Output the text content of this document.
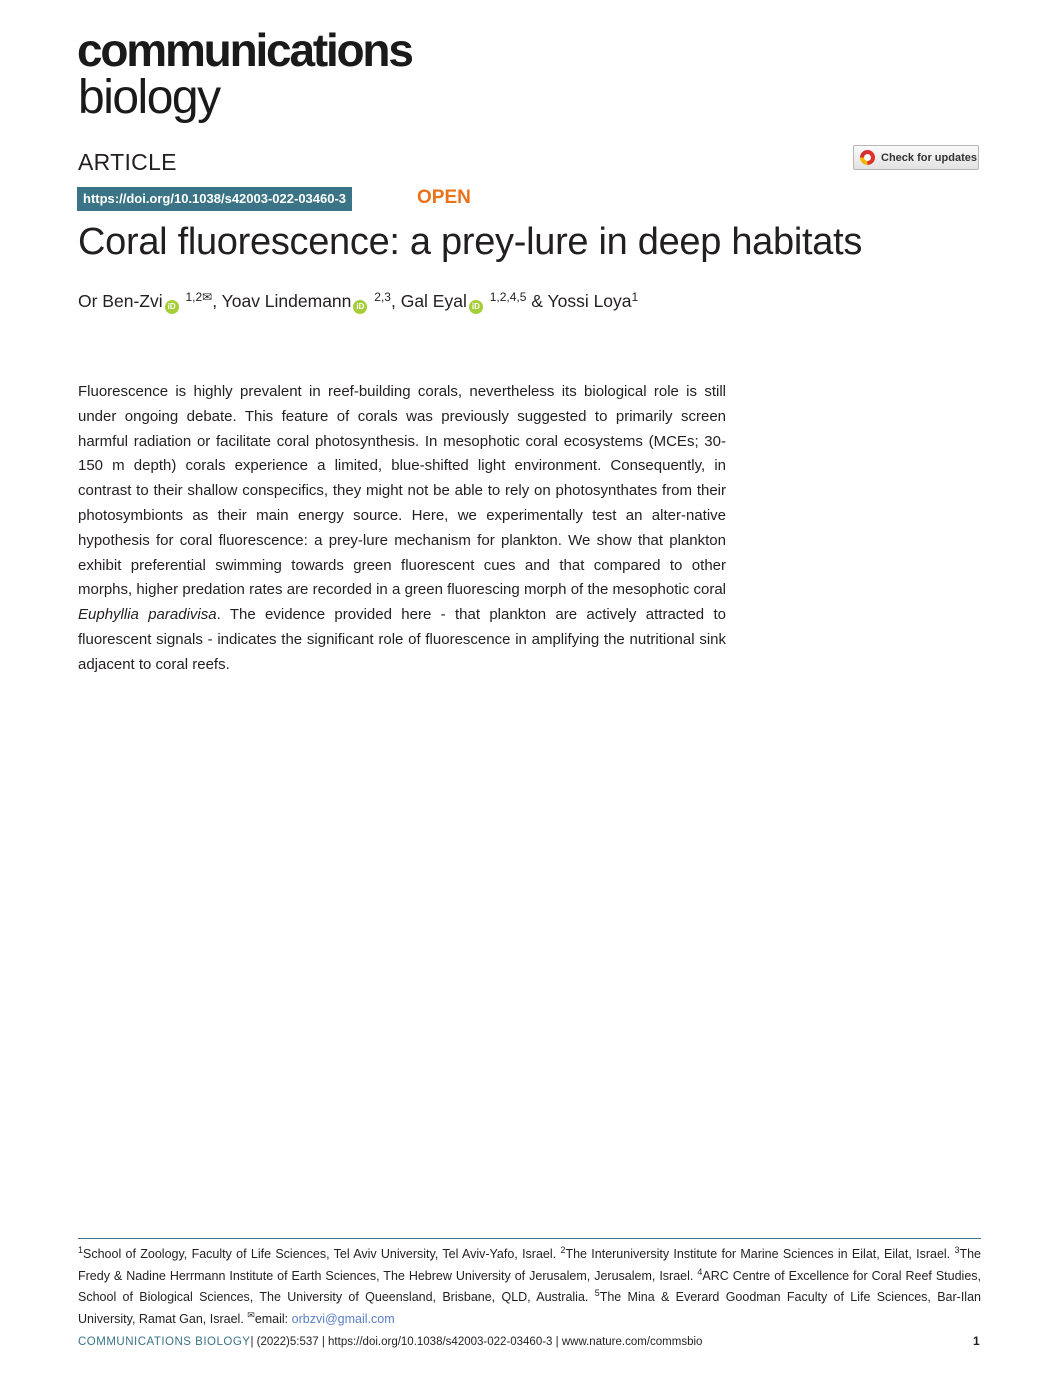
communications
biology
ARTICLE	Check for updates
https://doi.org/10.1038/s42003-022-03460-3	OPEN
Coral fluorescence: a prey-lure in deep habitats
Or Ben-Zvi iD $^{1,2✉}$, Yoav Lindemann iD $^{2,3}$, Gal Eyal iD $^{1,2,4,5}$ & Yossi Loya$^1$
Fluorescence is highly prevalent in reef-building corals, nevertheless its biological role is still under ongoing debate. This feature of corals was previously suggested to primarily screen harmful radiation or facilitate coral photosynthesis. In mesophotic coral ecosystems (MCEs; 30-150 m depth) corals experience a limited, blue-shifted light environment. Consequently, in contrast to their shallow conspecifics, they might not be able to rely on photosynthates from their photosymbionts as their main energy source. Here, we experimentally test an alter-native hypothesis for coral fluorescence: a prey-lure mechanism for plankton. We show that plankton exhibit preferential swimming towards green fluorescent cues and that compared to other morphs, higher predation rates are recorded in a green fluorescing morph of the mesophotic coral Euphyllia paradivisa. The evidence provided here - that plankton are actively attracted to fluorescent signals - indicates the significant role of fluorescence in amplifying the nutritional sink adjacent to coral reefs.
$^1$School of Zoology, Faculty of Life Sciences, Tel Aviv University, Tel Aviv-Yafo, Israel. $^2$The Interuniversity Institute for Marine Sciences in Eilat, Eilat, Israel. $^3$The Fredy & Nadine Herrmann Institute of Earth Sciences, The Hebrew University of Jerusalem, Jerusalem, Israel. $^4$ARC Centre of Excellence for Coral Reef Studies, School of Biological Sciences, The University of Queensland, Brisbane, QLD, Australia. $^5$The Mina & Everard Goodman Faculty of Life Sciences, Bar-Ilan University, Ramat Gan, Israel. ✉email: orbzvi@gmail.com
COMMUNICATIONS BIOLOGY| (2022)5:537 | https://doi.org/10.1038/s42003-022-03460-3 | www.nature.com/commsbio	1
